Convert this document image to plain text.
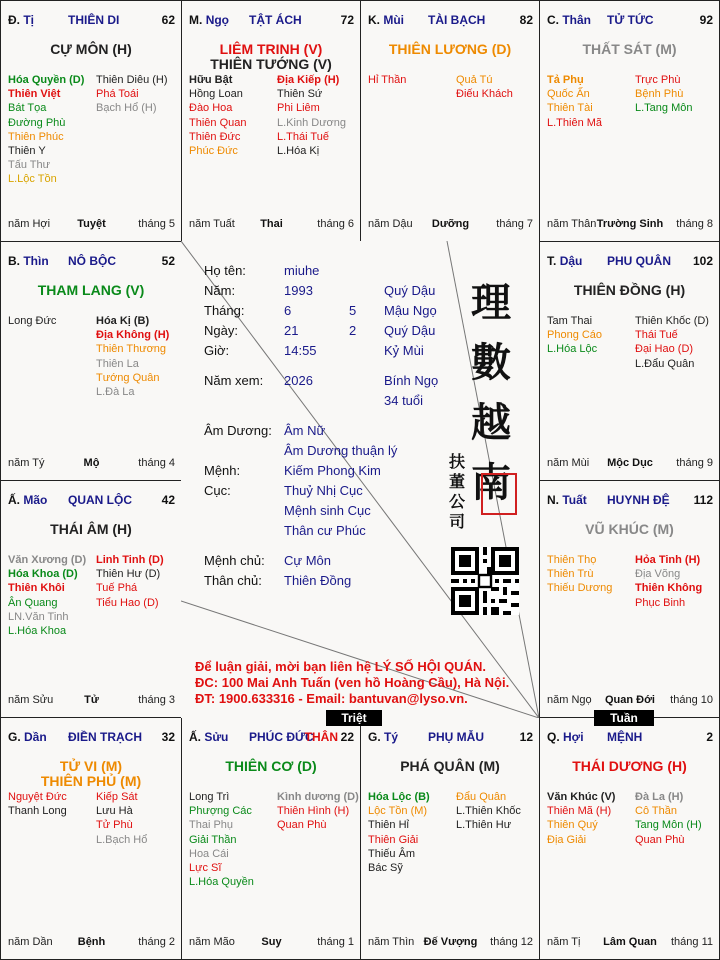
Đ. Tị	THIÊN DI	62
CỰ MÔN (H)
Hóa Quyền (D)
Thiên Việt
Bát Tọa
Đường Phù
Thiên Phúc
Thiên Y
Tấu Thư
L.Lộc Tồn
Thiên Diêu (H)
Phá Toái
Bạch Hổ (H)
năm Hợi Tuyệt	tháng 5
M. Ngọ TẬT ÁCH	72
LIÊM TRINH (V)
THIÊN TƯỚNG (V)
Hữu Bật
Hồng Loan
Đào Hoa
Thiên Quan
Thiên Đức
Phúc Đức
Địa Kiếp (H)
Thiên Sứ
Phi Liêm
L.Kinh Dương
L.Thái Tuế
L.Hóa Kị
năm Tuất Thai	tháng 6
K. Mùi TÀI BẠCH	82
THIÊN LƯƠNG (D)
Hỉ Thần	Quả Tú
Điếu Khách
năm Dậu Dưỡng tháng 7
C. Thân TỬ TỨC	92
THẤT SÁT (M)
Tả Phụ
Quốc Ấn
Thiên Tài
L.Thiên Mã
Trực Phù
Bệnh Phù
L.Tang Môn
năm Thân Trường Sinh tháng 8
B. Thìn NÔ BỘC	52
THAM LANG (V)
Long Đức	Hóa Kị (B)
Địa Không (H)
Thiên Thương
Thiên La
Tướng Quân
L.Đà La
năm Tý	Mộ	tháng 4
T. Dậu PHU QUÂN 102
THIÊN ĐỒNG (H)
Tam Thai
Phong Cáo
L.Hóa Lộc
Thiên Khốc (D)
Thái Tuế
Đại Hao (D)
L.Đẩu Quân
năm Mùi Mộc Dục tháng 9
Ấ. Mão QUAN LỘC 42
THÁI ÂM (H)
Văn Xương (D)
Hóa Khoa (D)
Thiên Khôi
Ân Quang
LN.Văn Tinh
L.Hóa Khoa
Linh Tinh (D)
Thiên Hư (D)
Tuế Phá
Tiểu Hao (D)
năm Sửu	Tử	tháng 3
N. Tuất HUYNH ĐỆ 112
VŨ KHÚC (M)
Thiên Thọ
Thiên Trù
Thiếu Dương
Hỏa Tinh (H)
Địa Võng
Thiên Không
Phục Binh
năm Ngọ Quan Đới tháng 10
G. Dần ĐIỀN TRẠCH 32
TỬ VI (M)
THIÊN PHỦ (M)
Nguyệt Đức
Thanh Long
Kiếp Sát
Lưu Hà
Tử Phù
L.Bạch Hổ
năm Dần Bệnh	tháng 2
Ấ. Sửu PHÚC ĐỨC
THÂN 22
THIÊN CƠ (D)
Long Trì
Phượng Các
Thai Phụ
Giải Thần
Hoa Cái
Lực Sĩ
L.Hóa Quyền
Kình dương (D)
Thiên Hình (H)
Quan Phù
năm Mão Suy	tháng 1
G. Tý PHỤ MẪU	12
PHÁ QUÂN (M)
Hóa Lộc (B)
Lộc Tồn (M)
Thiên Hỉ
Thiên Giải
Thiếu Âm
Bác Sỹ
Đẩu Quân
L.Thiên Khốc
L.Thiên Hư
năm Thìn Đế Vượng tháng 12
Q. Hợi MỆNH	2
THÁI DƯƠNG (H)
Văn Khúc (V)
Thiên Mã (H)
Thiên Quý
Địa Giải
Đà La (H)
Cô Thần
Tang Môn (H)
Quan Phù
năm Tị Lâm Quan tháng 11
Họ tên:	miuhe
Năm:	1993	Quý Dậu
Tháng:	6	5 Mậu Ngọ
Ngày:	21	2 Quý Dậu
Giờ:	14:55	Kỷ Mùi
Năm xem: 2026	Bính Ngọ
34 tuổi
Âm Dương: Âm Nữ
Âm Dương thuận lý
Mệnh:	Kiếm Phong Kim
Cục:	Thuỷ Nhị Cục
Mệnh sinh Cục
Thân cư Phúc
Mệnh chủ: Cự Môn
Thân chủ: Thiên Đồng
理
數
越
南
扶
董
公
司
Để luận giải, mời bạn liên hệ LÝ SỐ HỘI QUÁN.
ĐC: 100 Mai Anh Tuấn (ven hồ Hoàng Cầu), Hà Nội.
ĐT: 1900.633316 - Email: bantuvan@lyso.vn.
Triệt	Tuần
